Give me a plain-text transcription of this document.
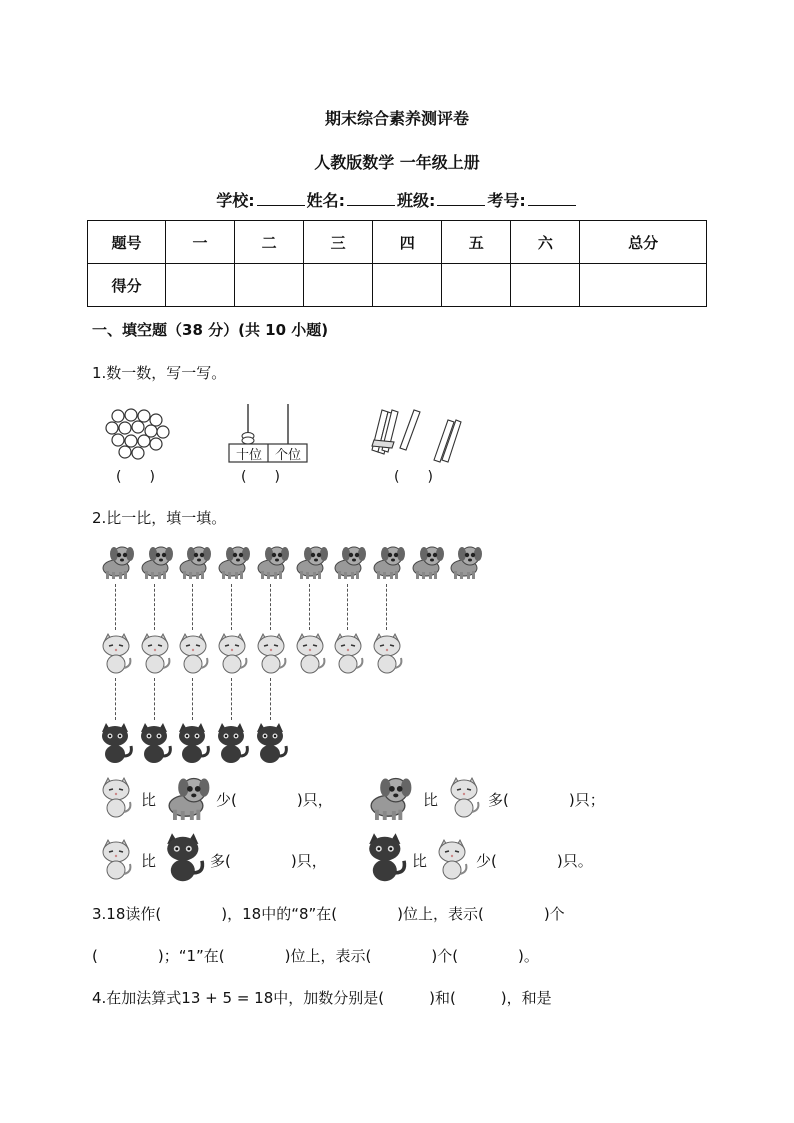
期末综合素养测评卷
人教版数学 一年级上册
学校:	姓名:	班级:	考号:
题号	一	二	三	四	五	六	总分
得分							
一、填空题（38 分）(共 10 小题)
1.数一数，写一写。
十位 个位
(　　)	(　　)	(　　)
2.比一比，填一填。
比	少(　　　　)只，	比	多(　　　　)只；
比	多(　　　　)只，	比	少(　　　　)只。
3.18读作(　　　　)，18中的“8”在(　　　　)位上，表示(　　　　)个
(　　　　)；“1”在(　　　　)位上，表示(　　　　)个(　　　　)。
4.在加法算式13 + 5 = 18中，加数分别是(　　　)和(　　　)，和是
